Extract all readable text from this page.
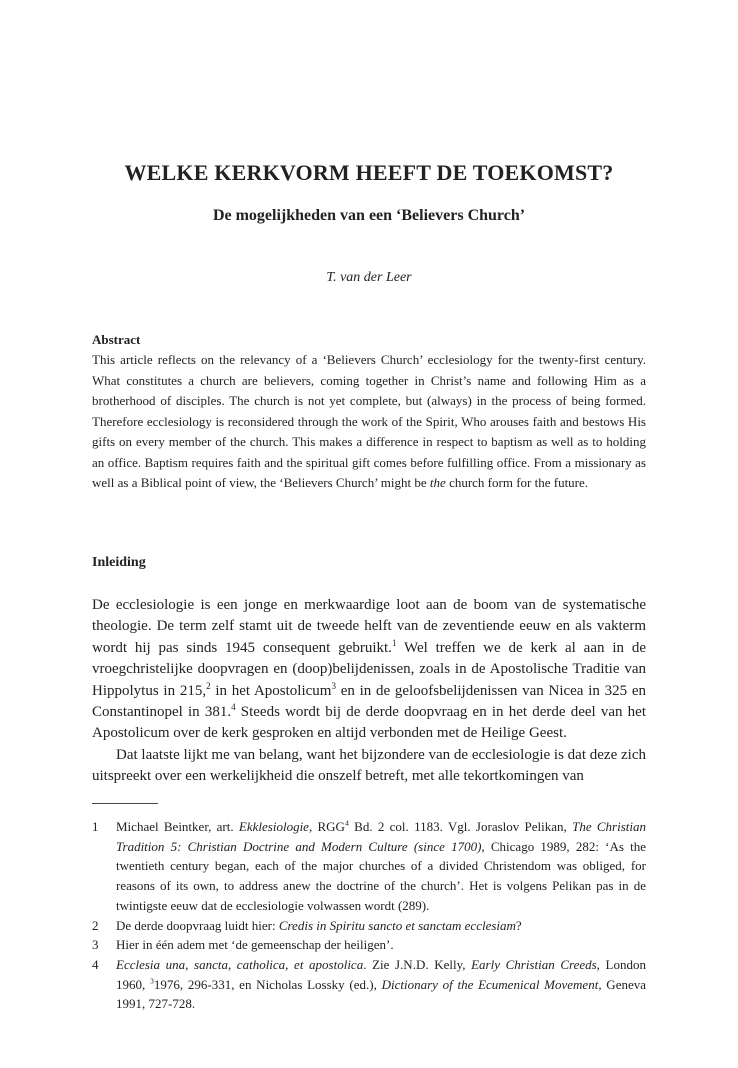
WELKE KERKVORM HEEFT DE TOEKOMST?
De mogelijkheden van een ‘Believers Church’
T. van der Leer
Abstract

This article reflects on the relevancy of a ‘Believers Church’ ecclesiology for the twenty-first century. What constitutes a church are believers, coming together in Christ’s name and following Him as a brotherhood of disciples. The church is not yet complete, but (always) in the process of being formed. Therefore ecclesiology is reconsidered through the work of the Spirit, Who arouses faith and bestows His gifts on every member of the church. This makes a difference in respect to baptism as well as to holding an office. Baptism requires faith and the spiritual gift comes before fulfilling office. From a missionary as well as a Biblical point of view, the ‘Believers Church’ might be the church form for the future.

Inleiding

De ecclesiologie is een jonge en merkwaardige loot aan de boom van de systematische theologie. De term zelf stamt uit de tweede helft van de zeventiende eeuw en als vakterm wordt hij pas sinds 1945 consequent gebruikt.$^1$ Wel treffen we de kerk al aan in de vroegchristelijke doopvragen en (doop)belijdenissen, zoals in de Apostolische Traditie van Hippolytus in 215,$^2$ in het Apostolicum$^3$ en in de geloofsbelijdenissen van Nicea in 325 en Constantinopel in 381.$^4$ Steeds wordt bij de derde doopvraag en in het derde deel van het Apostolicum over de kerk gesproken en altijd verbonden met de Heilige Geest.

Dat laatste lijkt me van belang, want het bijzondere van de ecclesiologie is dat deze zich uitspreekt over een werkelijkheid die onszelf betreft, met alle tekortkomingen van

1 Michael Beintker, art. Ekklesiologie, RGG$^4$ Bd. 2 col. 1183. Vgl. Joraslov Pelikan, The Christian Tradition 5: Christian Doctrine and Modern Culture (since 1700), Chicago 1989, 282: ‘As the twentieth century began, each of the major churches of a divided Christendom was obliged, for reasons of its own, to address anew the doctrine of the church’. Het is volgens Pelikan pas in de twintigste eeuw dat de ecclesiologie volwassen wordt (289).
2 De derde doopvraag luidt hier: Credis in Spiritu sancto et sanctam ecclesiam?
3 Hier in één adem met ‘de gemeenschap der heiligen’.
4 Ecclesia una, sancta, catholica, et apostolica. Zie J.N.D. Kelly, Early Christian Creeds, London 1960, $^3$1976, 296-331, en Nicholas Lossky (ed.), Dictionary of the Ecumenical Movement, Geneva 1991, 727-728.
